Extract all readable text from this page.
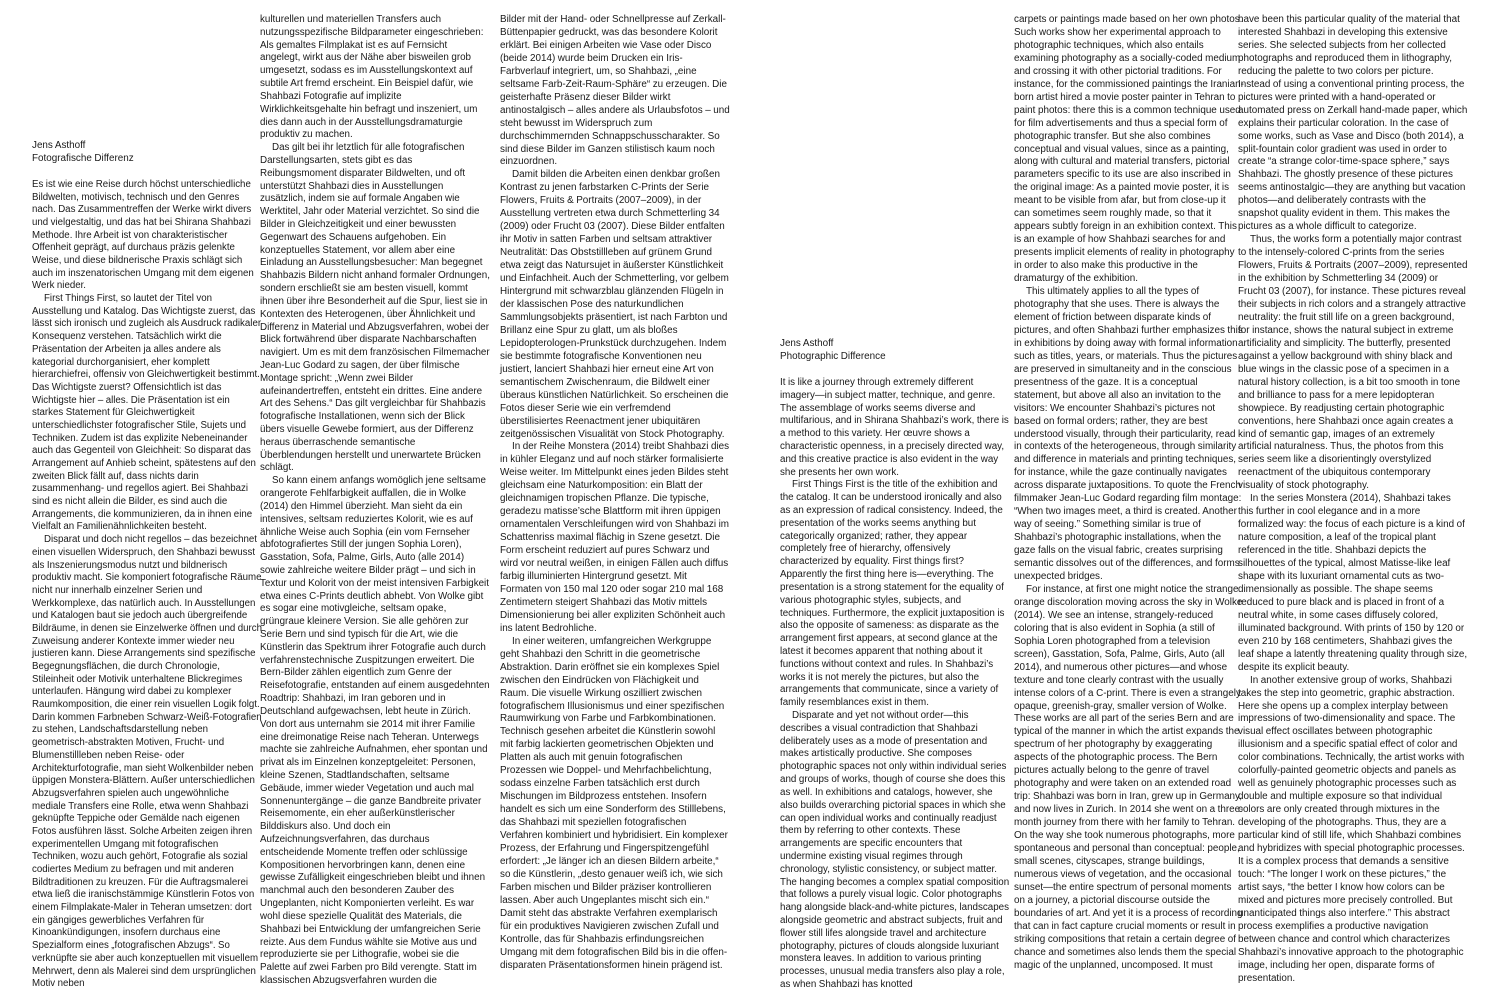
Jens Asthoff
Fotografische Differenz

Es ist wie eine Reise durch höchst unterschiedliche Bildwelten, motivisch, technisch und den Genres nach. Das Zusammentreffen der Werke wirkt divers und vielgestaltig, und das hat bei Shirana Shahbazi Methode. Ihre Arbeit ist von charakteristischer Offenheit geprägt, auf durchaus präzis gelenkte Weise, und diese bildnerische Praxis schlägt sich auch im inszenatorischen Umgang mit dem eigenen Werk nieder.

First Things First, so lautet der Titel von Ausstellung und Katalog. Das Wichtigste zuerst, das lässt sich ironisch und zugleich als Ausdruck radikaler Konsequenz verstehen. Tatsächlich wirkt die Präsentation der Arbeiten ja alles andere als kategorial durchorganisiert, eher komplett hierarchiefrei, offensiv von Gleichwertigkeit bestimmt. Das Wichtigste zuerst? Offensichtlich ist das Wichtigste hier – alles. Die Präsentation ist ein starkes Statement für Gleichwertigkeit unterschiedlichster fotografischer Stile, Sujets und Techniken. Zudem ist das explizite Nebeneinander auch das Gegenteil von Gleichheit: So disparat das Arrangement auf Anhieb scheint, spätestens auf den zweiten Blick fällt auf, dass nichts darin zusammenhang- und regellos agiert. Bei Shahbazi sind es nicht allein die Bilder, es sind auch die Arrangements, die kommunizieren, da in ihnen eine Vielfalt an Familienähnlichkeiten besteht.

Disparat und doch nicht regellos – das bezeichnet einen visuellen Widerspruch, den Shahbazi bewusst als Inszenierungsmodus nutzt und bildnerisch produktiv macht. Sie komponiert fotografische Räume nicht nur innerhalb einzelner Serien und Werkkomplexe, das natürlich auch. In Ausstellungen und Katalogen baut sie jedoch auch übergreifende Bildräume, in denen sie Einzelwerke öffnen und durch Zuweisung anderer Kontexte immer wieder neu justieren kann. Diese Arrangements sind spezifische Begegnungsflächen, die durch Chronologie, Stileinheit oder Motivik unterhaltene Blickregimes unterlaufen. Hängung wird dabei zu komplexer Raumkomposition, die einer rein visuellen Logik folgt. Darin kommen Farbneben Schwarz-Weiß-Fotografien zu stehen, Landschaftsdarstellung neben geometrisch-abstrakten Motiven, Frucht- und Blumenstillleben neben Reise- oder Architekturfotografie, man sieht Wolkenbilder neben üppigen Monstera-Blättern. Außer unterschiedlichen Abzugsverfahren spielen auch ungewöhnliche mediale Transfers eine Rolle, etwa wenn Shahbazi geknüpfte Teppiche oder Gemälde nach eigenen Fotos ausführen lässt. Solche Arbeiten zeigen ihren experimentellen Umgang mit fotografischen Techniken, wozu auch gehört, Fotografie als sozial codiertes Medium zu befragen und mit anderen Bildtraditionen zu kreuzen. Für die Auftragsmalerei etwa ließ die iranischstämmige Künstlerin Fotos von einem Filmplakate-Maler in Teheran umsetzen: dort ein gängiges gewerbliches Verfahren für Kinoankündigungen, insofern durchaus eine Spezialform eines „fotografischen Abzugs“. So verknüpfte sie aber auch konzeptuellen mit visuellem Mehrwert, denn als Malerei sind dem ursprünglichen Motiv neben

kulturellen und materiellen Transfers auch nutzungsspezifische Bildparameter eingeschrieben: Als gemaltes Filmplakat ist es auf Fernsicht angelegt, wirkt aus der Nähe aber bisweilen grob umgesetzt, sodass es im Ausstellungskontext auf subtile Art fremd erscheint. Ein Beispiel dafür, wie Shahbazi Fotografie auf implizite Wirklichkeitsgehalte hin befragt und inszeniert, um dies dann auch in der Ausstellungsdramaturgie produktiv zu machen.

Das gilt bei ihr letztlich für alle fotografischen Darstellungsarten, stets gibt es das Reibungsmoment disparater Bildwelten, und oft unterstützt Shahbazi dies in Ausstellungen zusätzlich, indem sie auf formale Angaben wie Werktitel, Jahr oder Material verzichtet. So sind die Bilder in Gleichzeitigkeit und einer bewussten Gegenwart des Schauens aufgehoben. Ein konzeptuelles Statement, vor allem aber eine Einladung an Ausstellungsbesucher: Man begegnet Shahbazis Bildern nicht anhand formaler Ordnungen, sondern erschließt sie am besten visuell, kommt ihnen über ihre Besonderheit auf die Spur, liest sie in Kontexten des Heterogenen, über Ähnlichkeit und Differenz in Material und Abzugsverfahren, wobei der Blick fortwährend über disparate Nachbarschaften navigiert. Um es mit dem französischen Filmemacher Jean-Luc Godard zu sagen, der über filmische Montage spricht: „Wenn zwei Bilder aufeinandertreffen, entsteht ein drittes. Eine andere Art des Sehens.“ Das gilt vergleichbar für Shahbazis fotografische Installationen, wenn sich der Blick übers visuelle Gewebe formiert, aus der Differenz heraus überraschende semantische Überblendungen herstellt und unerwartete Brücken schlägt.

So kann einem anfangs womöglich jene seltsame orangerote Fehlfarbigkeit auffallen, die in Wolke (2014) den Himmel überzieht. Man sieht da ein intensives, seltsam reduziertes Kolorit, wie es auf ähnliche Weise auch Sophia (ein vom Fernseher abfotografiertes Still der jungen Sophia Loren), Gasstation, Sofa, Palme, Girls, Auto (alle 2014) sowie zahlreiche weitere Bilder prägt – und sich in Textur und Kolorit von der meist intensiven Farbigkeit etwa eines C-Prints deutlich abhebt. Von Wolke gibt es sogar eine motivgleiche, seltsam opake, grüngraue kleinere Version. Sie alle gehören zur Serie Bern und sind typisch für die Art, wie die Künstlerin das Spektrum ihrer Fotografie auch durch verfahrenstechnische Zuspitzungen erweitert. Die Bern-Bilder zählen eigentlich zum Genre der Reisefotografie, entstanden auf einem ausgedehnten Roadtrip: Shahbazi, im Iran geboren und in Deutschland aufgewachsen, lebt heute in Zürich. Von dort aus unternahm sie 2014 mit ihrer Familie eine dreimonatige Reise nach Teheran. Unterwegs machte sie zahlreiche Aufnahmen, eher spontan und privat als im Einzelnen konzeptgeleitet: Personen, kleine Szenen, Stadtlandschaften, seltsame Gebäude, immer wieder Vegetation und auch mal Sonnenuntergänge – die ganze Bandbreite privater Reisemomente, ein eher außerkünstlerischer Bilddiskurs also. Und doch ein Aufzeichnungsverfahren, das durchaus entscheidende Momente treffen oder schlüssige Kompositionen hervorbringen kann, denen eine gewisse Zufälligkeit eingeschrieben bleibt und ihnen manchmal auch den besonderen Zauber des Ungeplanten, nicht Komponierten verleiht. Es war wohl diese spezielle Qualität des Materials, die Shahbazi bei Entwicklung der umfangreichen Serie reizte. Aus dem Fundus wählte sie Motive aus und reproduzierte sie per Lithografie, wobei sie die Palette auf zwei Farben pro Bild verengte. Statt im klassischen Abzugsverfahren wurden die

Bilder mit der Hand- oder Schnellpresse auf Zerkall-Büttenpapier gedruckt, was das besondere Kolorit erklärt. Bei einigen Arbeiten wie Vase oder Disco (beide 2014) wurde beim Drucken ein Iris-Farbverlauf integriert, um, so Shahbazi, „eine seltsame Farb-Zeit-Raum-Sphäre“ zu erzeugen. Die geisterhafte Präsenz dieser Bilder wirkt antinostalgisch – alles andere als Urlaubsfotos – und steht bewusst im Widerspruch zum durchschimmernden Schnappschusscharakter. So sind diese Bilder im Ganzen stilistisch kaum noch einzuordnen.

Damit bilden die Arbeiten einen denkbar großen Kontrast zu jenen farbstarken C-Prints der Serie Flowers, Fruits & Portraits (2007–2009), in der Ausstellung vertreten etwa durch Schmetterling 34 (2009) oder Frucht 03 (2007). Diese Bilder entfalten ihr Motiv in satten Farben und seltsam attraktiver Neutralität: Das Obststillleben auf grünem Grund etwa zeigt das Natursujet in äußerster Künstlichkeit und Einfachheit. Auch der Schmetterling, vor gelbem Hintergrund mit schwarzblau glänzenden Flügeln in der klassischen Pose des naturkundlichen Sammlungsobjekts präsentiert, ist nach Farbton und Brillanz eine Spur zu glatt, um als bloßes Lepidopterologen-Prunkstück durchzugehen. Indem sie bestimmte fotografische Konventionen neu justiert, lanciert Shahbazi hier erneut eine Art von semantischem Zwischenraum, die Bildwelt einer überaus künstlichen Natürlichkeit. So erscheinen die Fotos dieser Serie wie ein verfremdend überstilisiertes Reenactment jener ubiquitären zeitgenössischen Visualität von Stock Photography.

In der Reihe Monstera (2014) treibt Shahbazi dies in kühler Eleganz und auf noch stärker formalisierte Weise weiter. Im Mittelpunkt eines jeden Bildes steht gleichsam eine Naturkomposition: ein Blatt der gleichnamigen tropischen Pflanze. Die typische, geradezu matisse’sche Blattform mit ihren üppigen ornamentalen Verschleifungen wird von Shahbazi im Schattenriss maximal flächig in Szene gesetzt. Die Form erscheint reduziert auf pures Schwarz und wird vor neutral weißen, in einigen Fällen auch diffus farbig illuminierten Hintergrund gesetzt. Mit Formaten von 150 mal 120 oder sogar 210 mal 168 Zentimetern steigert Shahbazi das Motiv mittels Dimensionierung bei aller expliziten Schönheit auch ins latent Bedrohliche.

In einer weiteren, umfangreichen Werkgruppe geht Shahbazi den Schritt in die geometrische Abstraktion. Darin eröffnet sie ein komplexes Spiel zwischen den Eindrücken von Flächigkeit und Raum. Die visuelle Wirkung oszilliert zwischen fotografischem Illusionismus und einer spezifischen Raumwirkung von Farbe und Farbkombinationen. Technisch gesehen arbeitet die Künstlerin sowohl mit farbig lackierten geometrischen Objekten und Platten als auch mit genuin fotografischen Prozessen wie Doppel- und Mehrfachbelichtung, sodass einzelne Farben tatsächlich erst durch Mischungen im Bildprozess entstehen. Insofern handelt es sich um eine Sonderform des Stilllebens, das Shahbazi mit speziellen fotografischen Verfahren kombiniert und hybridisiert. Ein komplexer Prozess, der Erfahrung und Fingerspitzengefühl erfordert: „Je länger ich an diesen Bildern arbeite,“ so die Künstlerin, „desto genauer weiß ich, wie sich Farben mischen und Bilder präziser kontrollieren lassen. Aber auch Ungeplantes mischt sich ein.“ Damit steht das abstrakte Verfahren exemplarisch für ein produktives Navigieren zwischen Zufall und Kontrolle, das für Shahbazis erfindungsreichen Umgang mit dem fotografischen Bild bis in die offen-disparaten Präsentationsformen hinein prägend ist.

Jens Asthoff
Photographic Difference

It is like a journey through extremely different imagery—in subject matter, technique, and genre. The assemblage of works seems diverse and multifarious, and in Shirana Shahbazi’s work, there is a method to this variety. Her œuvre shows a characteristic openness, in a precisely directed way, and this creative practice is also evident in the way she presents her own work.

First Things First is the title of the exhibition and the catalog. It can be understood ironically and also as an expression of radical consistency. Indeed, the presentation of the works seems anything but categorically organized; rather, they appear completely free of hierarchy, offensively characterized by equality. First things first? Apparently the first thing here is—everything. The presentation is a strong statement for the equality of various photographic styles, subjects, and techniques. Furthermore, the explicit juxtaposition is also the opposite of sameness: as disparate as the arrangement first appears, at second glance at the latest it becomes apparent that nothing about it functions without context and rules. In Shahbazi’s works it is not merely the pictures, but also the arrangements that communicate, since a variety of family resemblances exist in them.

Disparate and yet not without order—this describes a visual contradiction that Shahbazi deliberately uses as a mode of presentation and makes artistically productive. She composes photographic spaces not only within individual series and groups of works, though of course she does this as well. In exhibitions and catalogs, however, she also builds overarching pictorial spaces in which she can open individual works and continually readjust them by referring to other contexts. These arrangements are specific encounters that undermine existing visual regimes through chronology, stylistic consistency, or subject matter. The hanging becomes a complex spatial composition that follows a purely visual logic. Color photographs hang alongside black-and-white pictures, landscapes alongside geometric and abstract subjects, fruit and flower still lifes alongside travel and architecture photography, pictures of clouds alongside luxuriant monstera leaves. In addition to various printing processes, unusual media transfers also play a role, as when Shahbazi has knotted

carpets or paintings made based on her own photos. Such works show her experimental approach to photographic techniques, which also entails examining photography as a socially-coded medium and crossing it with other pictorial traditions. For instance, for the commissioned paintings the Iranian-born artist hired a movie poster painter in Tehran to paint photos: there this is a common technique used for film advertisements and thus a special form of photographic transfer. But she also combines conceptual and visual values, since as a painting, along with cultural and material transfers, pictorial parameters specific to its use are also inscribed in the original image: As a painted movie poster, it is meant to be visible from afar, but from close-up it can sometimes seem roughly made, so that it appears subtly foreign in an exhibition context. This is an example of how Shahbazi searches for and presents implicit elements of reality in photography in order to also make this productive in the dramaturgy of the exhibition.

This ultimately applies to all the types of photography that she uses. There is always the element of friction between disparate kinds of pictures, and often Shahbazi further emphasizes this in exhibitions by doing away with formal information such as titles, years, or materials. Thus the pictures are preserved in simultaneity and in the conscious presentness of the gaze. It is a conceptual statement, but above all also an invitation to the visitors: We encounter Shahbazi’s pictures not based on formal orders; rather, they are best understood visually, through their particularity, read in contexts of the heterogeneous, through similarity and difference in materials and printing techniques, for instance, while the gaze continually navigates across disparate juxtapositions. To quote the French filmmaker Jean-Luc Godard regarding film montage: “When two images meet, a third is created. Another way of seeing.” Something similar is true of Shahbazi’s photographic installations, when the gaze falls on the visual fabric, creates surprising semantic dissolves out of the differences, and forms unexpected bridges.

For instance, at first one might notice the strange orange discoloration moving across the sky in Wolke (2014). We see an intense, strangely-reduced coloring that is also evident in Sophia (a still of Sophia Loren photographed from a television screen), Gasstation, Sofa, Palme, Girls, Auto (all 2014), and numerous other pictures—and whose texture and tone clearly contrast with the usually intense colors of a C-print. There is even a strangely opaque, greenish-gray, smaller version of Wolke. These works are all part of the series Bern and are typical of the manner in which the artist expands the spectrum of her photography by exaggerating aspects of the photographic process. The Bern pictures actually belong to the genre of travel photography and were taken on an extended road trip: Shahbazi was born in Iran, grew up in Germany, and now lives in Zurich. In 2014 she went on a three-month journey from there with her family to Tehran. On the way she took numerous photographs, more spontaneous and personal than conceptual: people, small scenes, cityscapes, strange buildings, numerous views of vegetation, and the occasional sunset—the entire spectrum of personal moments on a journey, a pictorial discourse outside the boundaries of art. And yet it is a process of recording that can in fact capture crucial moments or result in striking compositions that retain a certain degree of chance and sometimes also lends them the special magic of the unplanned, uncomposed. It must

have been this particular quality of the material that interested Shahbazi in developing this extensive series. She selected subjects from her collected photographs and reproduced them in lithography, reducing the palette to two colors per picture. Instead of using a conventional printing process, the pictures were printed with a hand-operated or automated press on Zerkall hand-made paper, which explains their particular coloration. In the case of some works, such as Vase and Disco (both 2014), a split-fountain color gradient was used in order to create “a strange color-time-space sphere,” says Shahbazi. The ghostly presence of these pictures seems antinostalgic—they are anything but vacation photos—and deliberately contrasts with the snapshot quality evident in them. This makes the pictures as a whole difficult to categorize.

Thus, the works form a potentially major contrast to the intensely-colored C-prints from the series Flowers, Fruits & Portraits (2007–2009), represented in the exhibition by Schmetterling 34 (2009) or Frucht 03 (2007), for instance. These pictures reveal their subjects in rich colors and a strangely attractive neutrality: the fruit still life on a green background, for instance, shows the natural subject in extreme artificiality and simplicity. The butterfly, presented against a yellow background with shiny black and blue wings in the classic pose of a specimen in a natural history collection, is a bit too smooth in tone and brilliance to pass for a mere lepidopteran showpiece. By readjusting certain photographic conventions, here Shahbazi once again creates a kind of semantic gap, images of an extremely artificial naturalness. Thus, the photos from this series seem like a disorientingly overstylized reenactment of the ubiquitous contemporary visuality of stock photography.

In the series Monstera (2014), Shahbazi takes this further in cool elegance and in a more formalized way: the focus of each picture is a kind of nature composition, a leaf of the tropical plant referenced in the title. Shahbazi depicts the silhouettes of the typical, almost Matisse-like leaf shape with its luxuriant ornamental cuts as two-dimensionally as possible. The shape seems reduced to pure black and is placed in front of a neutral white, in some cases diffusely colored, illuminated background. With prints of 150 by 120 or even 210 by 168 centimeters, Shahbazi gives the leaf shape a latently threatening quality through size, despite its explicit beauty.

In another extensive group of works, Shahbazi takes the step into geometric, graphic abstraction. Here she opens up a complex interplay between impressions of two-dimensionality and space. The visual effect oscillates between photographic illusionism and a specific spatial effect of color and color combinations. Technically, the artist works with colorfully-painted geometric objects and panels as well as genuinely photographic processes such as double and multiple exposure so that individual colors are only created through mixtures in the developing of the photographs. Thus, they are a particular kind of still life, which Shahbazi combines and hybridizes with special photographic processes. It is a complex process that demands a sensitive touch: “The longer I work on these pictures,” the artist says, “the better I know how colors can be mixed and pictures more precisely controlled. But unanticipated things also interfere.” This abstract process exemplifies a productive navigation between chance and control which characterizes Shahbazi’s innovative approach to the photographic image, including her open, disparate forms of presentation.
